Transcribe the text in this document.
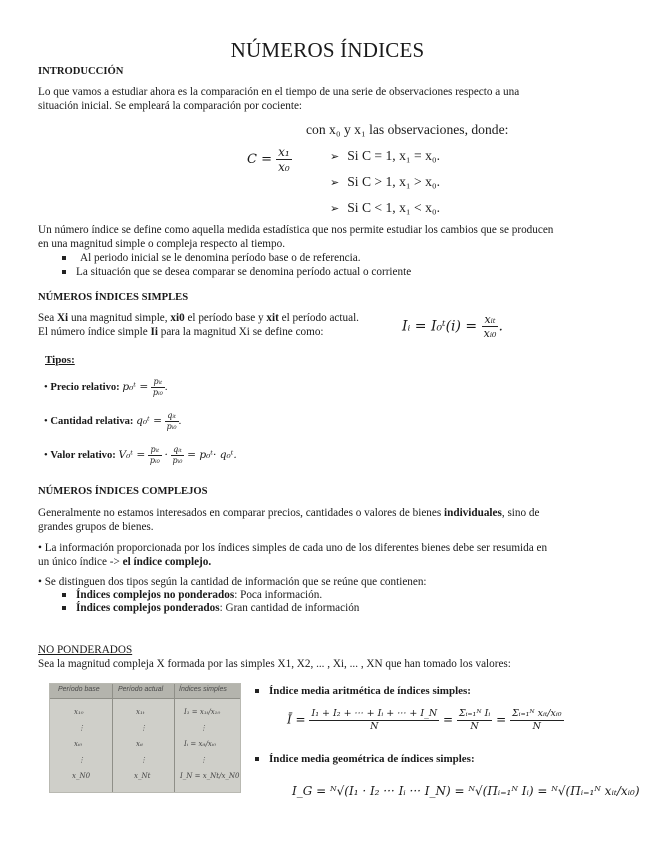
NÚMEROS ÍNDICES
INTRODUCCIÓN
Lo que vamos a estudiar ahora es la comparación en el tiempo de una serie de observaciones respecto a una
situación inicial. Se empleará la comparación por cociente:
$C = \frac{\text{x₁}}{\text{x₀}}$
con x₀ y x₁ las observaciones, donde:
➢ Si C = 1, x₁ = x₀.
➢ Si C > 1, x₁ > x₀.
➢ Si C < 1, x₁ < x₀.
Un número índice se define como aquella medida estadística que nos permite estudiar los cambios que se producen
en una magnitud simple o compleja respecto al tiempo.
Al periodo inicial se le denomina período base o de referencia.
La situación que se desea comparar se denomina período actual o corriente
NÚMEROS ÍNDICES SIMPLES
Sea Xi una magnitud simple, xi0 el período base y xit el período actual.
El número índice simple Ii para la magnitud Xi se define como:	Iᵢ = I₀ᵗ(i) = $\frac{\text{xᵢₜ}}{\text{xᵢ₀}}$ .
Tipos:
• Precio relativo: p₀ᵗ = $\frac{\text{pᵢₜ}}{\text{pᵢ₀}}$ .
• Cantidad relativa: q₀ᵗ = $\frac{\text{qᵢₜ}}{\text{pᵢ₀}}$ .
• Valor relativo: V₀ᵗ = $\frac{\text{pᵢₜ}}{\text{pᵢ₀}} \cdot \frac{\text{qᵢₜ}}{\text{pᵢ₀}}$ = p₀ᵗ· q₀ᵗ.
NÚMEROS ÍNDICES COMPLEJOS
Generalmente no estamos interesados en comparar precios, cantidades o valores de bienes individuales, sino de
grandes grupos de bienes.
• La información proporcionada por los índices simples de cada uno de los diferentes bienes debe ser resumida en
un único índice -> el índice complejo.
• Se distinguen dos tipos según la cantidad de información que se reúne que contienen:
Índices complejos no ponderados: Poca información.
Índices complejos ponderados: Gran cantidad de información
NO PONDERADOS
Sea la magnitud compleja X formada por las simples X1, X2, ... , Xi, ... , XN que han tomado los valores:
Período base	Período actual Índices simples
x₁₀	x₁ₜ	I₁ = x₁ₜ/x₁₀
⋮	⋮	⋮
xᵢ₀	xᵢₜ	Iᵢ = xᵢₜ/xᵢ₀
⋮	⋮	⋮
x_N0	x_Nt	I_N = x_Nt/x_N0
Índice media aritmética de índices simples:
Ī = $\frac{\text{I₁ + I₂ + ··· + Iᵢ + ··· + I\_N}}{N} = \frac{\text{Σᵢ₌₁ᴺ Iᵢ}}{N} = \frac{\text{Σᵢ₌₁ᴺ xᵢₜ/xᵢ₀}}{N}$
Índice media geométrica de índices simples:
I_G = ᴺ√(I₁ · I₂ ··· Iᵢ ··· I_N) = ᴺ√(Πᵢ₌₁ᴺ Iᵢ) = ᴺ√(Πᵢ₌₁ᴺ xᵢₜ/xᵢ₀)
